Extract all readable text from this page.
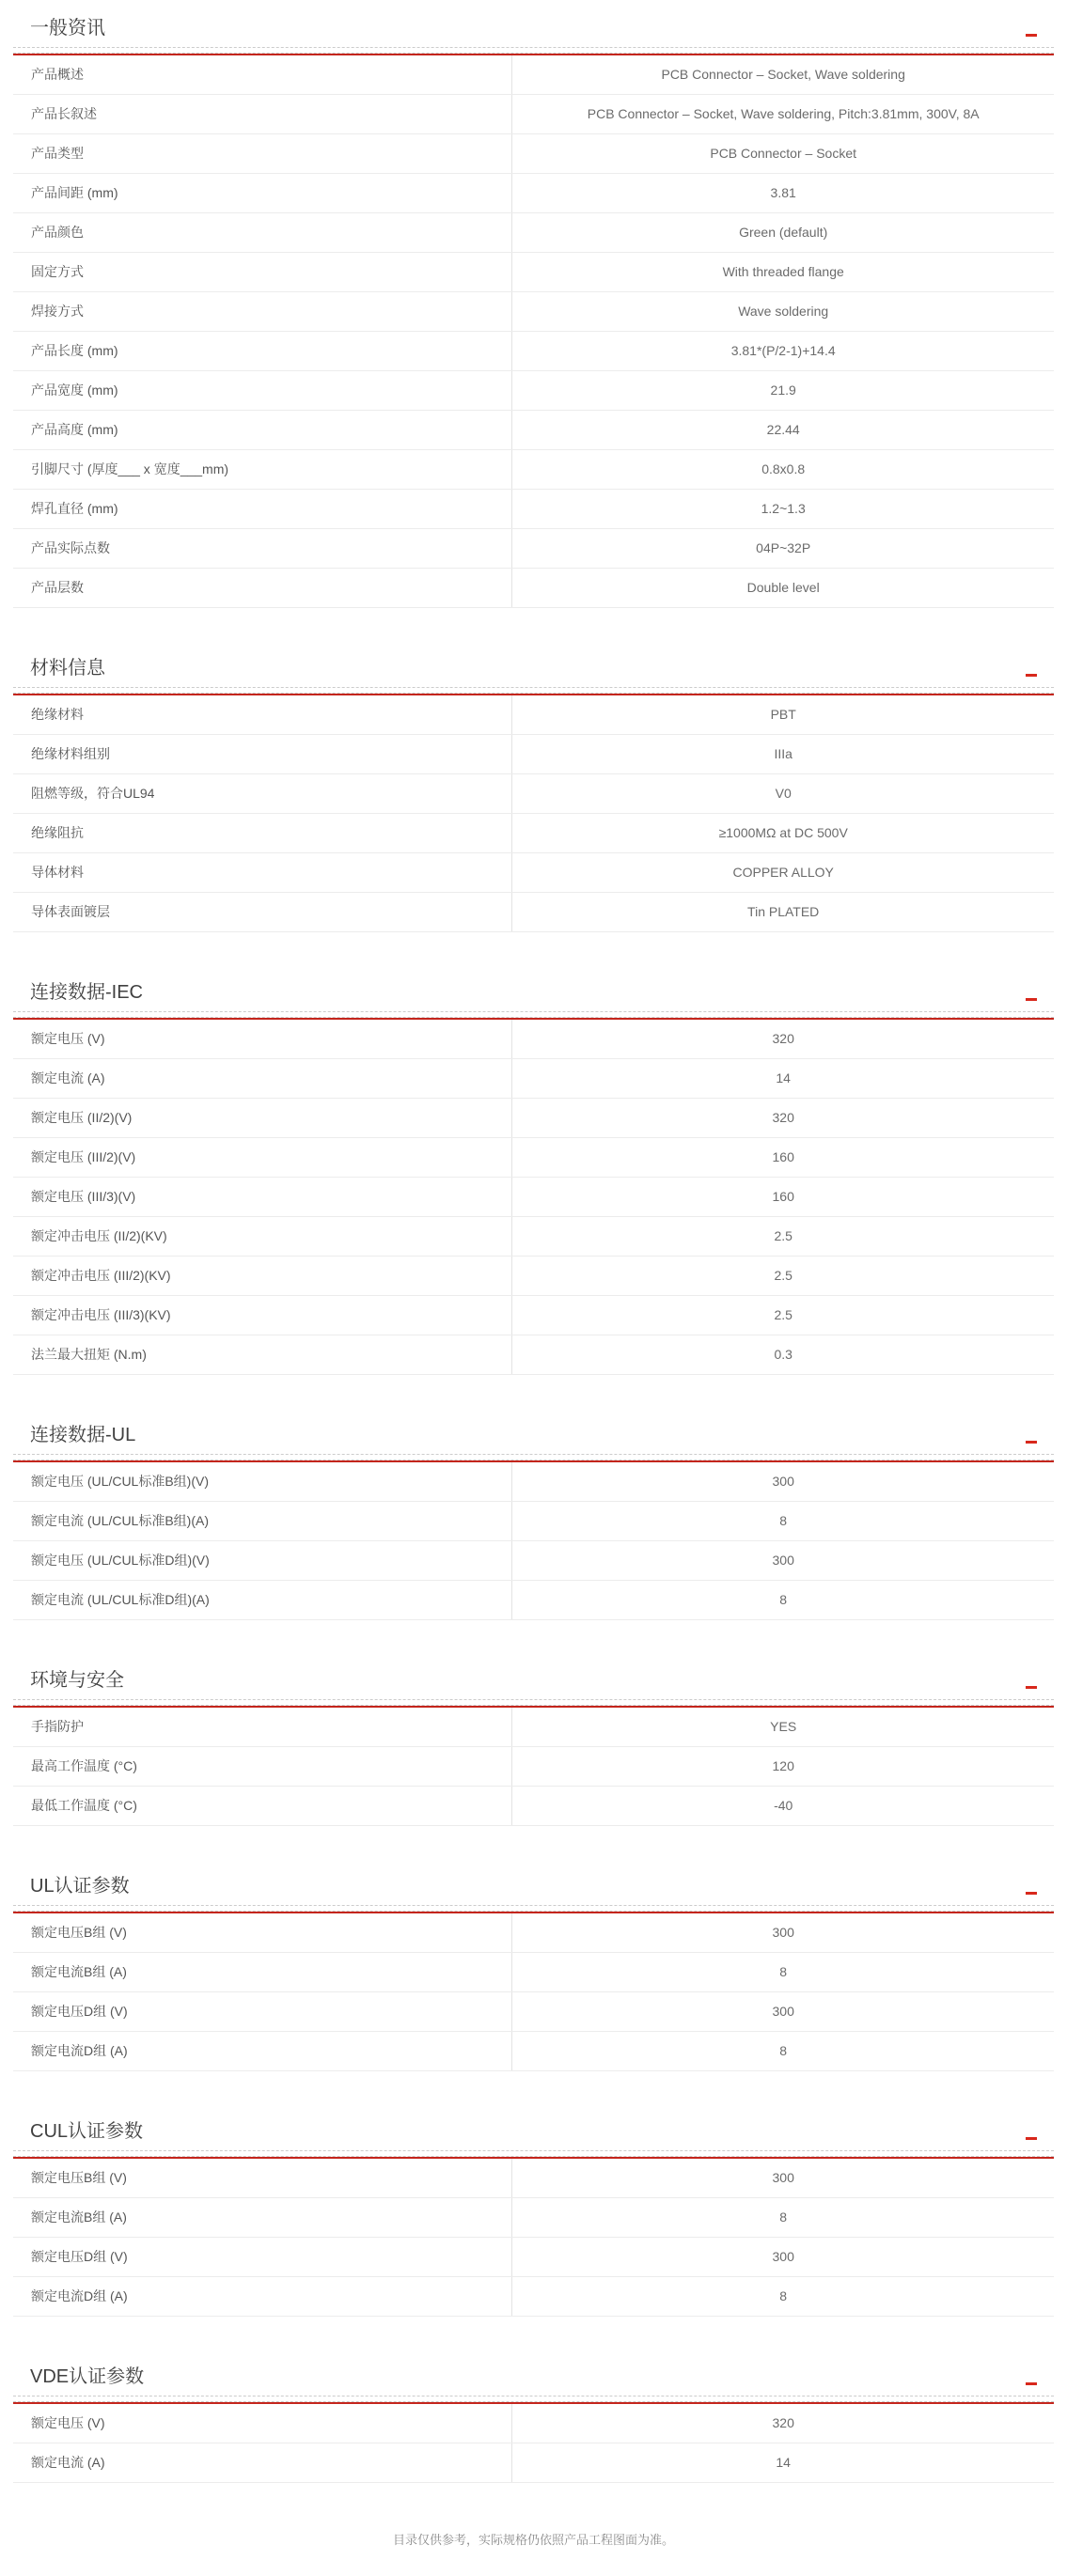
一般资讯
产品概述	PCB Connector – Socket, Wave soldering
产品长叙述	PCB Connector – Socket, Wave soldering, Pitch:3.81mm, 300V, 8A
产品类型	PCB Connector – Socket
产品间距 (mm)	3.81
产品颜色	Green (default)
固定方式	With threaded flange
焊接方式	Wave soldering
产品长度 (mm)	3.81*(P/2-1)+14.4
产品宽度 (mm)	21.9
产品高度 (mm)	22.44
引脚尺寸 (厚度___ x 宽度___mm)	0.8x0.8
焊孔直径 (mm)	1.2~1.3
产品实际点数	04P~32P
产品层数	Double level
材料信息
绝缘材料	PBT
绝缘材料组别	IIIa
阻燃等级，符合UL94	V0
绝缘阻抗	≥1000MΩ at DC 500V
导体材料	COPPER ALLOY
导体表面镀层	Tin PLATED
连接数据-IEC
额定电压 (V)	320
额定电流 (A)	14
额定电压 (II/2)(V)	320
额定电压 (III/2)(V)	160
额定电压 (III/3)(V)	160
额定冲击电压 (II/2)(KV)	2.5
额定冲击电压 (III/2)(KV)	2.5
额定冲击电压 (III/3)(KV)	2.5
法兰最大扭矩 (N.m)	0.3
连接数据-UL
额定电压 (UL/CUL标准B组)(V)	300
额定电流 (UL/CUL标准B组)(A)	8
额定电压 (UL/CUL标准D组)(V)	300
额定电流 (UL/CUL标准D组)(A)	8
环境与安全
手指防护	YES
最高工作温度 (°C)	120
最低工作温度 (°C)	-40
UL认证参数
额定电压B组 (V)	300
额定电流B组 (A)	8
额定电压D组 (V)	300
额定电流D组 (A)	8
CUL认证参数
额定电压B组 (V)	300
额定电流B组 (A)	8
额定电压D组 (V)	300
额定电流D组 (A)	8
VDE认证参数
额定电压 (V)	320
额定电流 (A)	14

目录仅供参考，实际规格仍依照产品工程图面为准。
